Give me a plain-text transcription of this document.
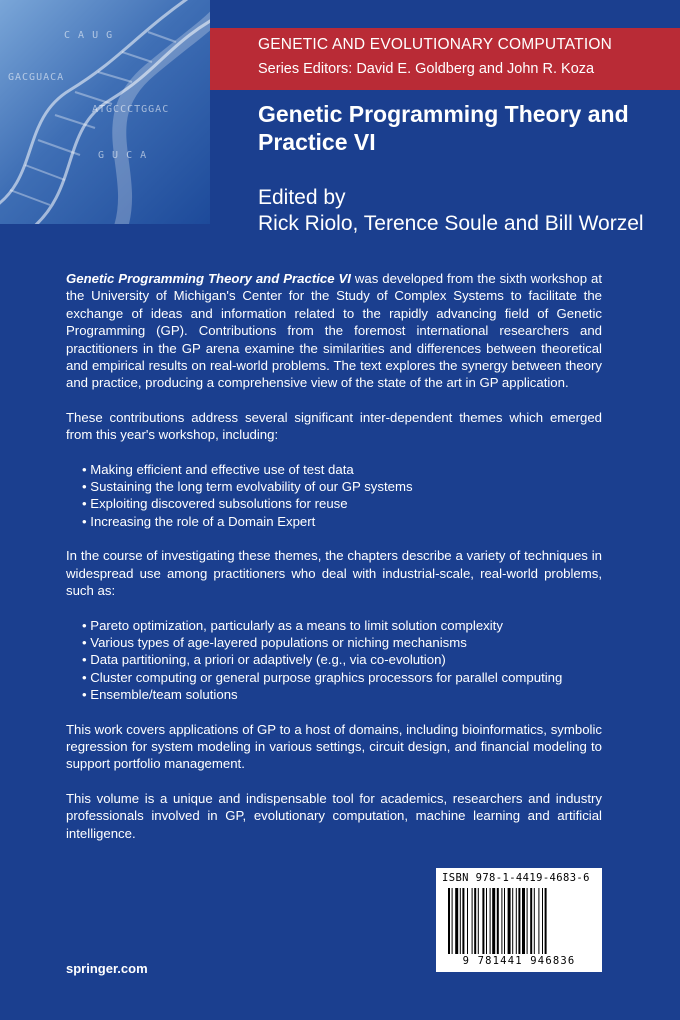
GACGUACA
ATGCCCTGGAC
C A U G
G U C A
GENETIC AND EVOLUTIONARY COMPUTATION
Series Editors: David E. Goldberg and John R. Koza
Genetic Programming Theory and Practice VI
Edited by
Rick Riolo, Terence Soule and Bill Worzel

Genetic Programming Theory and Practice VI was developed from the sixth workshop at the University of Michigan's Center for the Study of Complex Systems to facilitate the exchange of ideas and information related to the rapidly advancing field of Genetic Programming (GP). Contributions from the foremost international researchers and practitioners in the GP arena examine the similarities and differences between theoretical and empirical results on real-world problems. The text explores the synergy between theory and practice, producing a comprehensive view of the state of the art in GP application.

These contributions address several significant inter-dependent themes which emerged from this year's workshop, including:

• Making efficient and effective use of test data
• Sustaining the long term evolvability of our GP systems
• Exploiting discovered subsolutions for reuse
• Increasing the role of a Domain Expert

In the course of investigating these themes, the chapters describe a variety of techniques in widespread use among practitioners who deal with industrial-scale, real-world problems, such as:

• Pareto optimization, particularly as a means to limit solution complexity
• Various types of age-layered populations or niching mechanisms
• Data partitioning, a priori or adaptively (e.g., via co-evolution)
• Cluster computing or general purpose graphics processors for parallel computing
• Ensemble/team solutions

This work covers applications of GP to a host of domains, including bioinformatics, symbolic regression for system modeling in various settings, circuit design, and financial modeling to support portfolio management.

This volume is a unique and indispensable tool for academics, researchers and industry professionals involved in GP, evolutionary computation, machine learning and artificial intelligence.

springer.com
ISBN 978-1-4419-4683-6
9 781441 946836
